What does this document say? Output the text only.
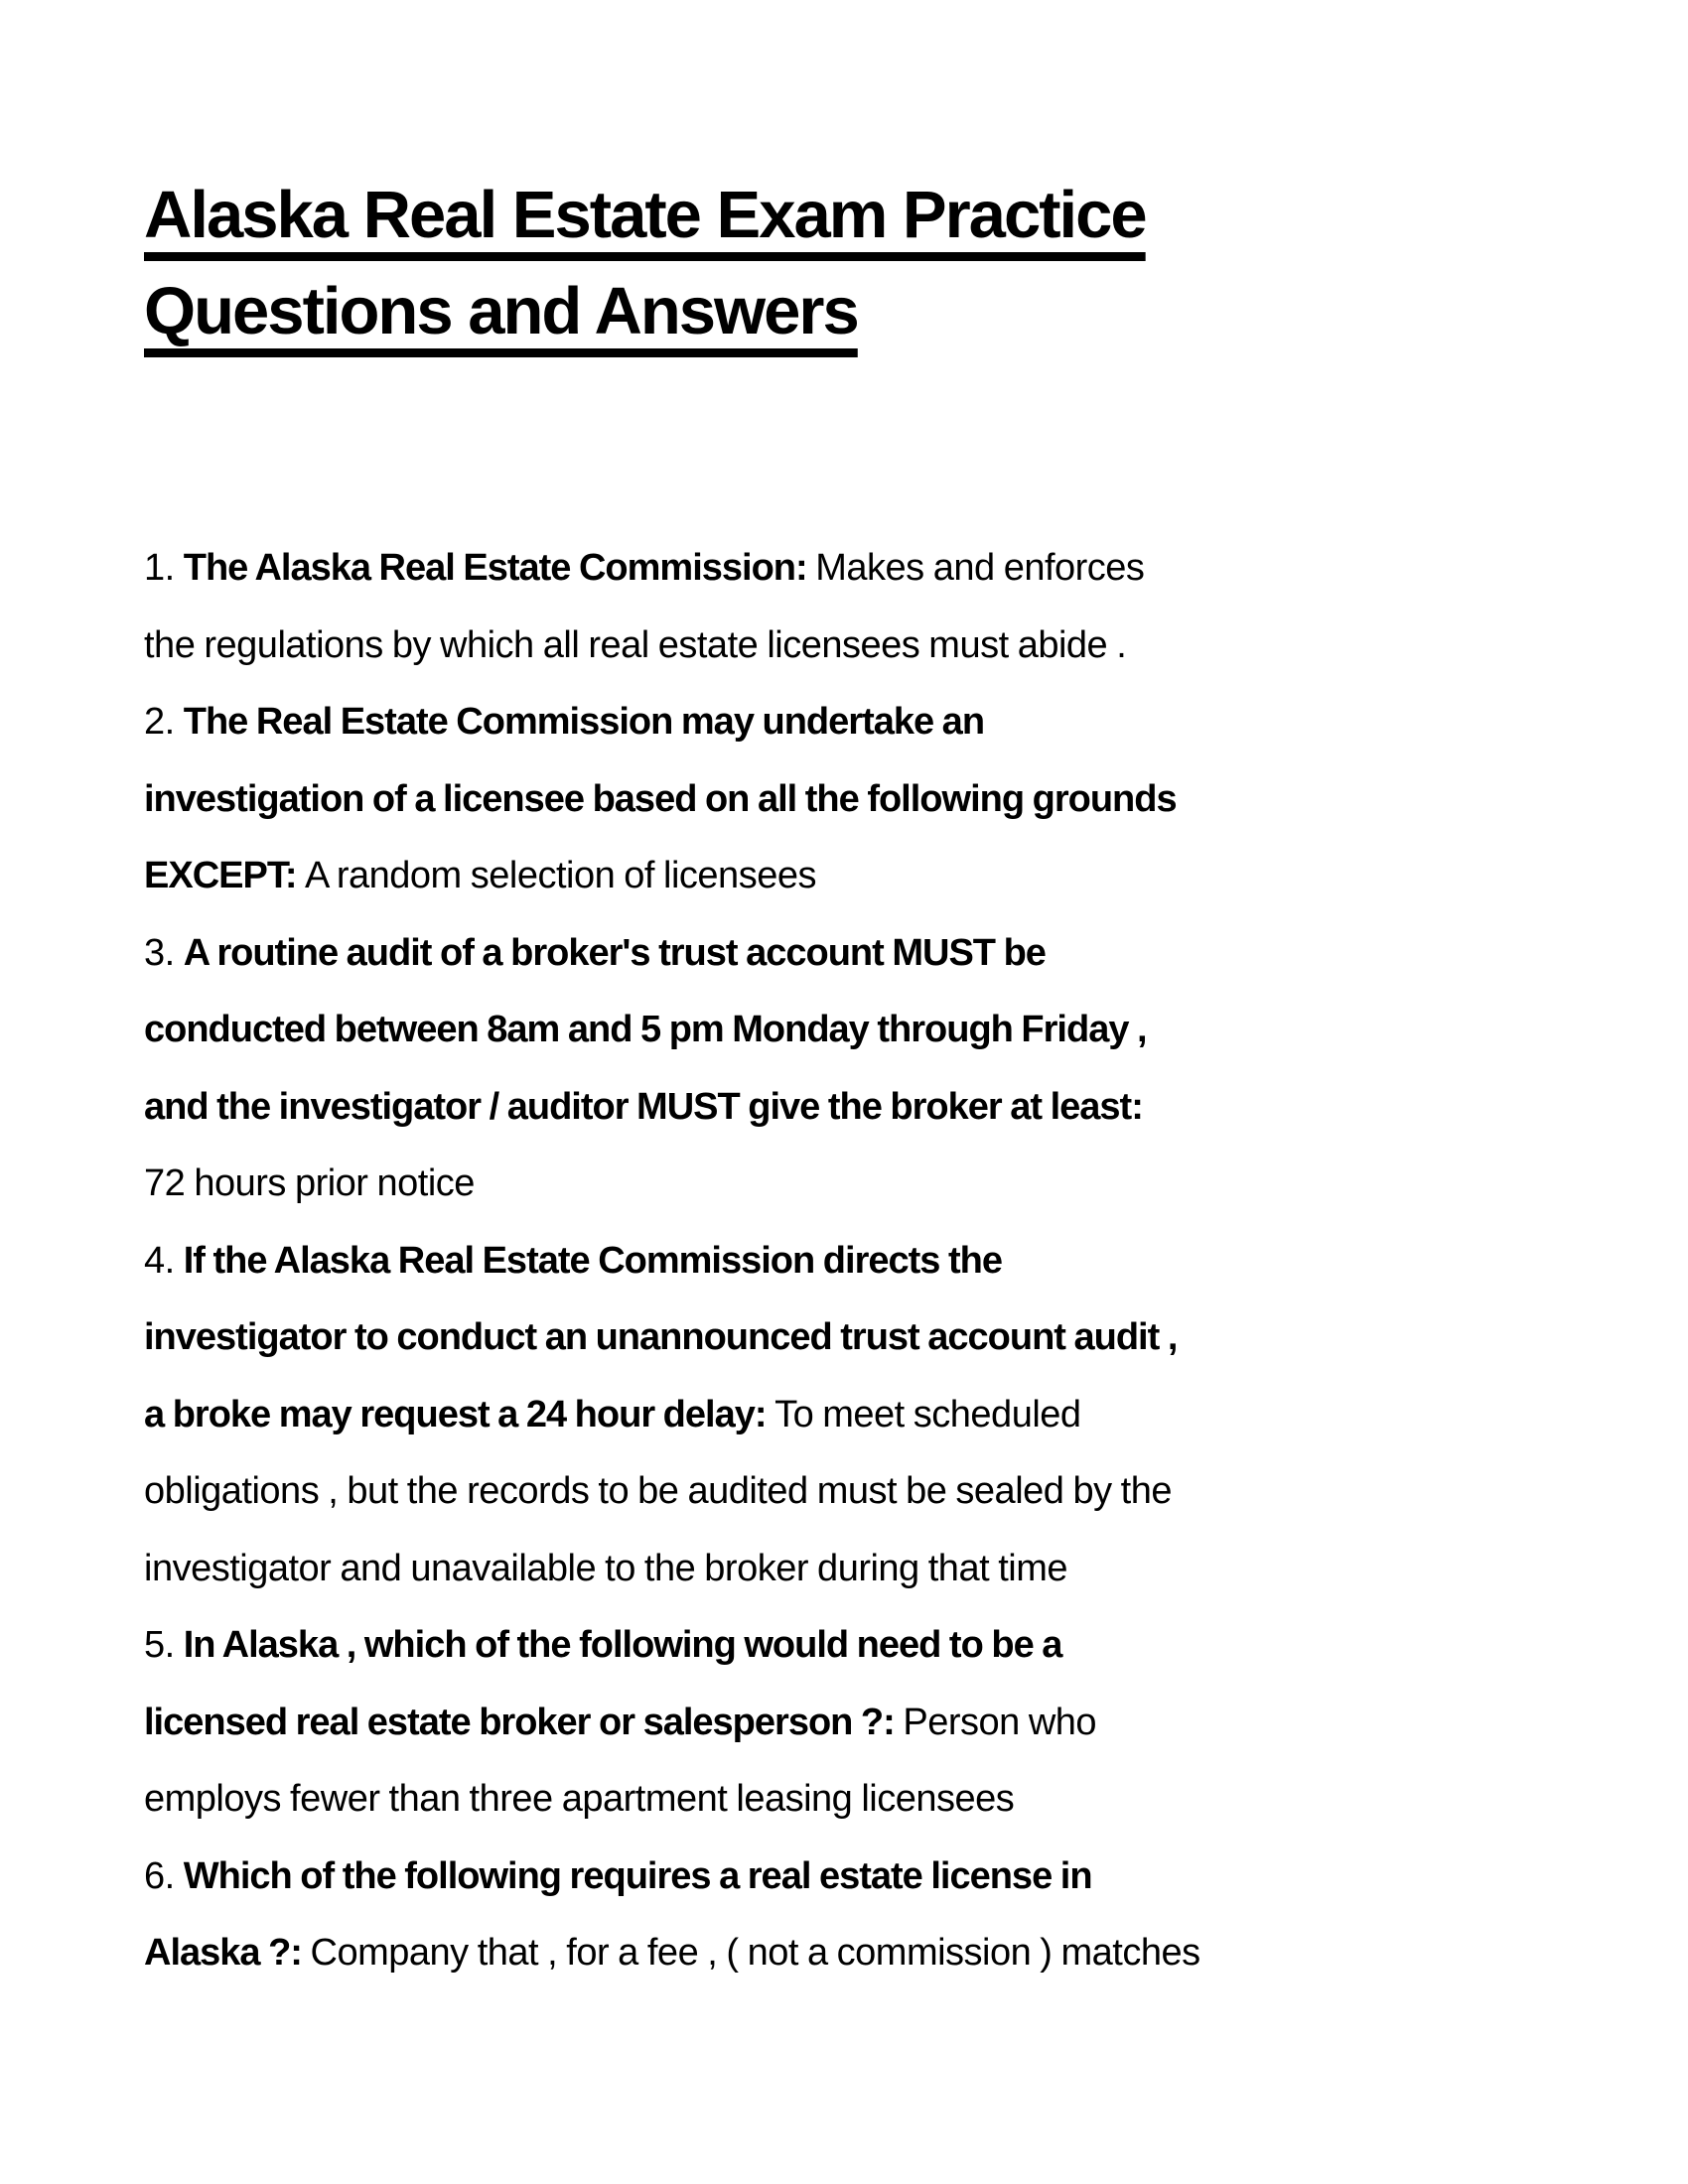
Alaska Real Estate Exam Practice
Questions and Answers
1. The Alaska Real Estate Commission: Makes and enforces
the regulations by which all real estate licensees must abide .
2. The Real Estate Commission may undertake an
investigation of a licensee based on all the following grounds
EXCEPT: A random selection of licensees
3. A routine audit of a broker's trust account MUST be
conducted between 8am and 5 pm Monday through Friday ,
and the investigator / auditor MUST give the broker at least:
72 hours prior notice
4. If the Alaska Real Estate Commission directs the
investigator to conduct an unannounced trust account audit ,
a broke may request a 24 hour delay: To meet scheduled
obligations , but the records to be audited must be sealed by the
investigator and unavailable to the broker during that time
5. In Alaska , which of the following would need to be a
licensed real estate broker or salesperson ?: Person who
employs fewer than three apartment leasing licensees
6. Which of the following requires a real estate license in
Alaska ?: Company that , for a fee , ( not a commission ) matches
